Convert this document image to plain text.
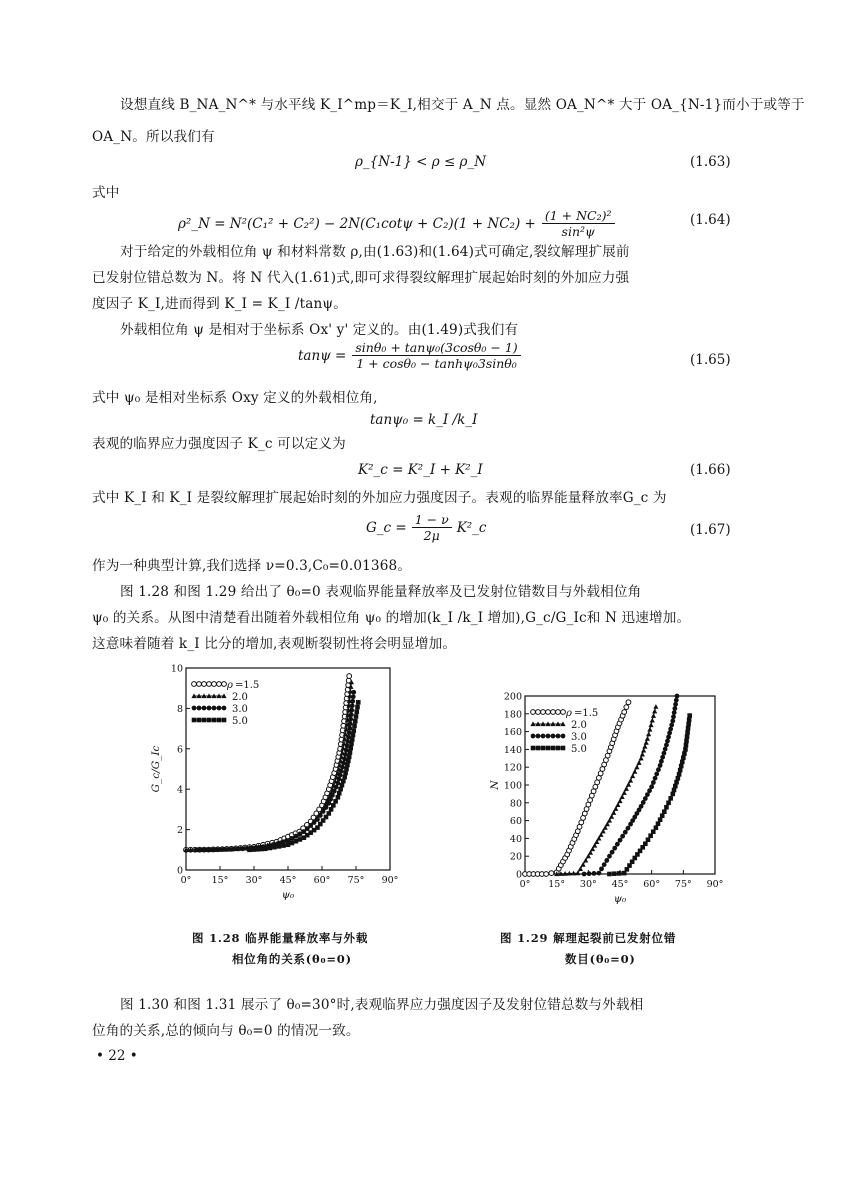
设想直线 B_NA_N^* 与水平线 K_I^mp＝K_I,相交于 A_N 点。显然 OA_N^* 大于 OA_{N-1}而小于或等于
OA_N。所以我们有
ρ_{N-1} < ρ ≤ ρ_N	(1.63)
式中
ρ²_N = $N^2(C_1^2 + C_2^2) - 2N(C_1\cot\psi + C_2)(1 + NC_2) + \frac{\text{(1 + NC₂)²}}{\text{sin²ψ}}$	(1.64)
对于给定的外载相位角 ψ 和材料常数 ρ,由(1.63)和(1.64)式可确定,裂纹解理扩展前
已发射位错总数为 N。将 N 代入(1.61)式,即可求得裂纹解理扩展起始时刻的外加应力强
度因子 K_I,进而得到 K_I = K_I /tanψ。
外载相位角 ψ 是相对于坐标系 Ox' y' 定义的。由(1.49)式我们有
$\tan\psi = \frac{\text{sinθ₀ + tanψ₀(3cosθ₀ − 1)}}{\text{1 + cosθ₀ − tanhψ₀3sinθ₀}}$	(1.65)
式中 ψ₀ 是相对坐标系 Oxy 定义的外载相位角,
tanψ₀ = k_I /k_I
表观的临界应力强度因子 K_c 可以定义为
K²_c = K²_I + K²_I	(1.66)
式中 K_I 和 K_I 是裂纹解理扩展起始时刻的外加应力强度因子。表观的临界能量释放率G_c 为
G_c = $\frac{1 - \nu}{2\mu}$ K²_c	(1.67)
作为一种典型计算,我们选择 ν=0.3,C₀=0.01368。
图 1.28 和图 1.29 给出了 θ₀=0 表观临界能量释放率及已发射位错数目与外载相位角
ψ₀ 的关系。从图中清楚看出随着外载相位角 ψ₀ 的增加(k_I /k_I 增加),G_c/G_Ic和 N 迅速增加。
这意味着随着 k_I 比分的增加,表观断裂韧性将会明显增加。
0° 15° 30° 45° 60° 75° 90°
0
2
4
6
8
10
ψ₀
G_c/G_Ic
ρ =1.5
2.0
3.0
5.0
0° 15° 30° 45° 60° 75° 90°
0
20
40
60
80
100
120
140
160
180
200
ψ₀
N
ρ =1.5
2.0
3.0
5.0
图 1.28 临界能量释放率与外载
相位角的关系(θ₀=0)
图 1.29 解理起裂前已发射位错
数目(θ₀=0)
图 1.30 和图 1.31 展示了 θ₀=30°时,表观临界应力强度因子及发射位错总数与外载相
位角的关系,总的倾向与 θ₀=0 的情况一致。
• 22 •
